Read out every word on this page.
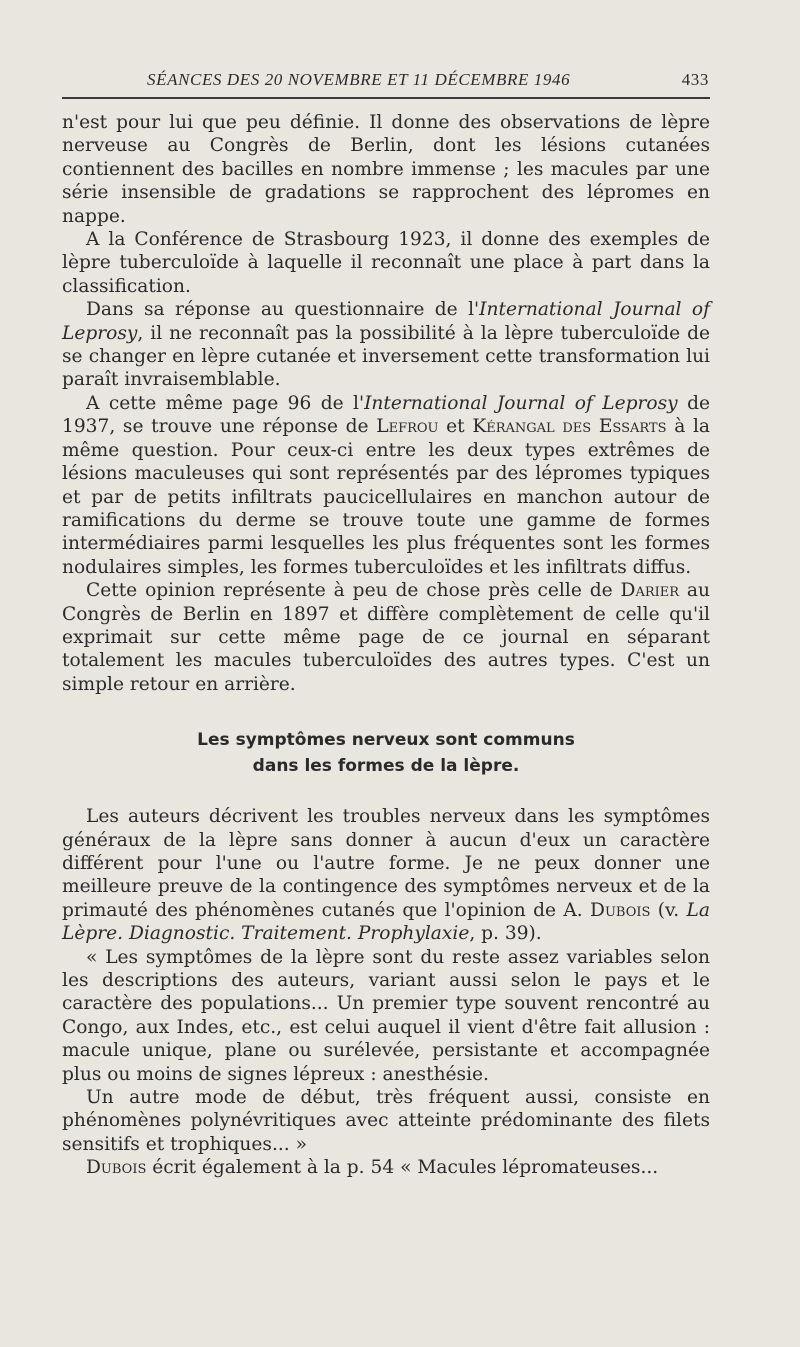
SÉANCES DES 20 NOVEMBRE ET 11 DÉCEMBRE 1946	433

n'est pour lui que peu définie. Il donne des observations de lèpre nerveuse au Congrès de Berlin, dont les lésions cutanées contiennent des bacilles en nombre immense ; les macules par une série insensible de gradations se rapprochent des lépromes en nappe.

A la Conférence de Strasbourg 1923, il donne des exemples de lèpre tuberculoïde à laquelle il reconnaît une place à part dans la classification.

Dans sa réponse au questionnaire de l'International Journal of Leprosy, il ne reconnaît pas la possibilité à la lèpre tuberculoïde de se changer en lèpre cutanée et inversement cette transformation lui paraît invraisemblable.

A cette même page 96 de l'International Journal of Leprosy de 1937, se trouve une réponse de Lefrou et Kérangal des Essarts à la même question. Pour ceux-ci entre les deux types extrêmes de lésions maculeuses qui sont représentés par des lépromes typiques et par de petits infiltrats paucicellulaires en manchon autour de ramifications du derme se trouve toute une gamme de formes intermédiaires parmi lesquelles les plus fréquentes sont les formes nodulaires simples, les formes tuberculoïdes et les infiltrats diffus.

Cette opinion représente à peu de chose près celle de Darier au Congrès de Berlin en 1897 et diffère complètement de celle qu'il exprimait sur cette même page de ce journal en séparant totalement les macules tuberculoïdes des autres types. C'est un simple retour en arrière.

Les symptômes nerveux sont communs
dans les formes de la lèpre.

Les auteurs décrivent les troubles nerveux dans les symptômes généraux de la lèpre sans donner à aucun d'eux un caractère différent pour l'une ou l'autre forme. Je ne peux donner une meilleure preuve de la contingence des symptômes nerveux et de la primauté des phénomènes cutanés que l'opinion de A. Dubois (v. La Lèpre. Diagnostic. Traitement. Prophylaxie, p. 39).

« Les symptômes de la lèpre sont du reste assez variables selon les descriptions des auteurs, variant aussi selon le pays et le caractère des populations... Un premier type souvent rencontré au Congo, aux Indes, etc., est celui auquel il vient d'être fait allusion : macule unique, plane ou surélevée, persistante et accompagnée plus ou moins de signes lépreux : anesthésie.

Un autre mode de début, très fréquent aussi, consiste en phénomènes polynévritiques avec atteinte prédominante des filets sensitifs et trophiques... »

Dubois écrit également à la p. 54 « Macules lépromateuses...
